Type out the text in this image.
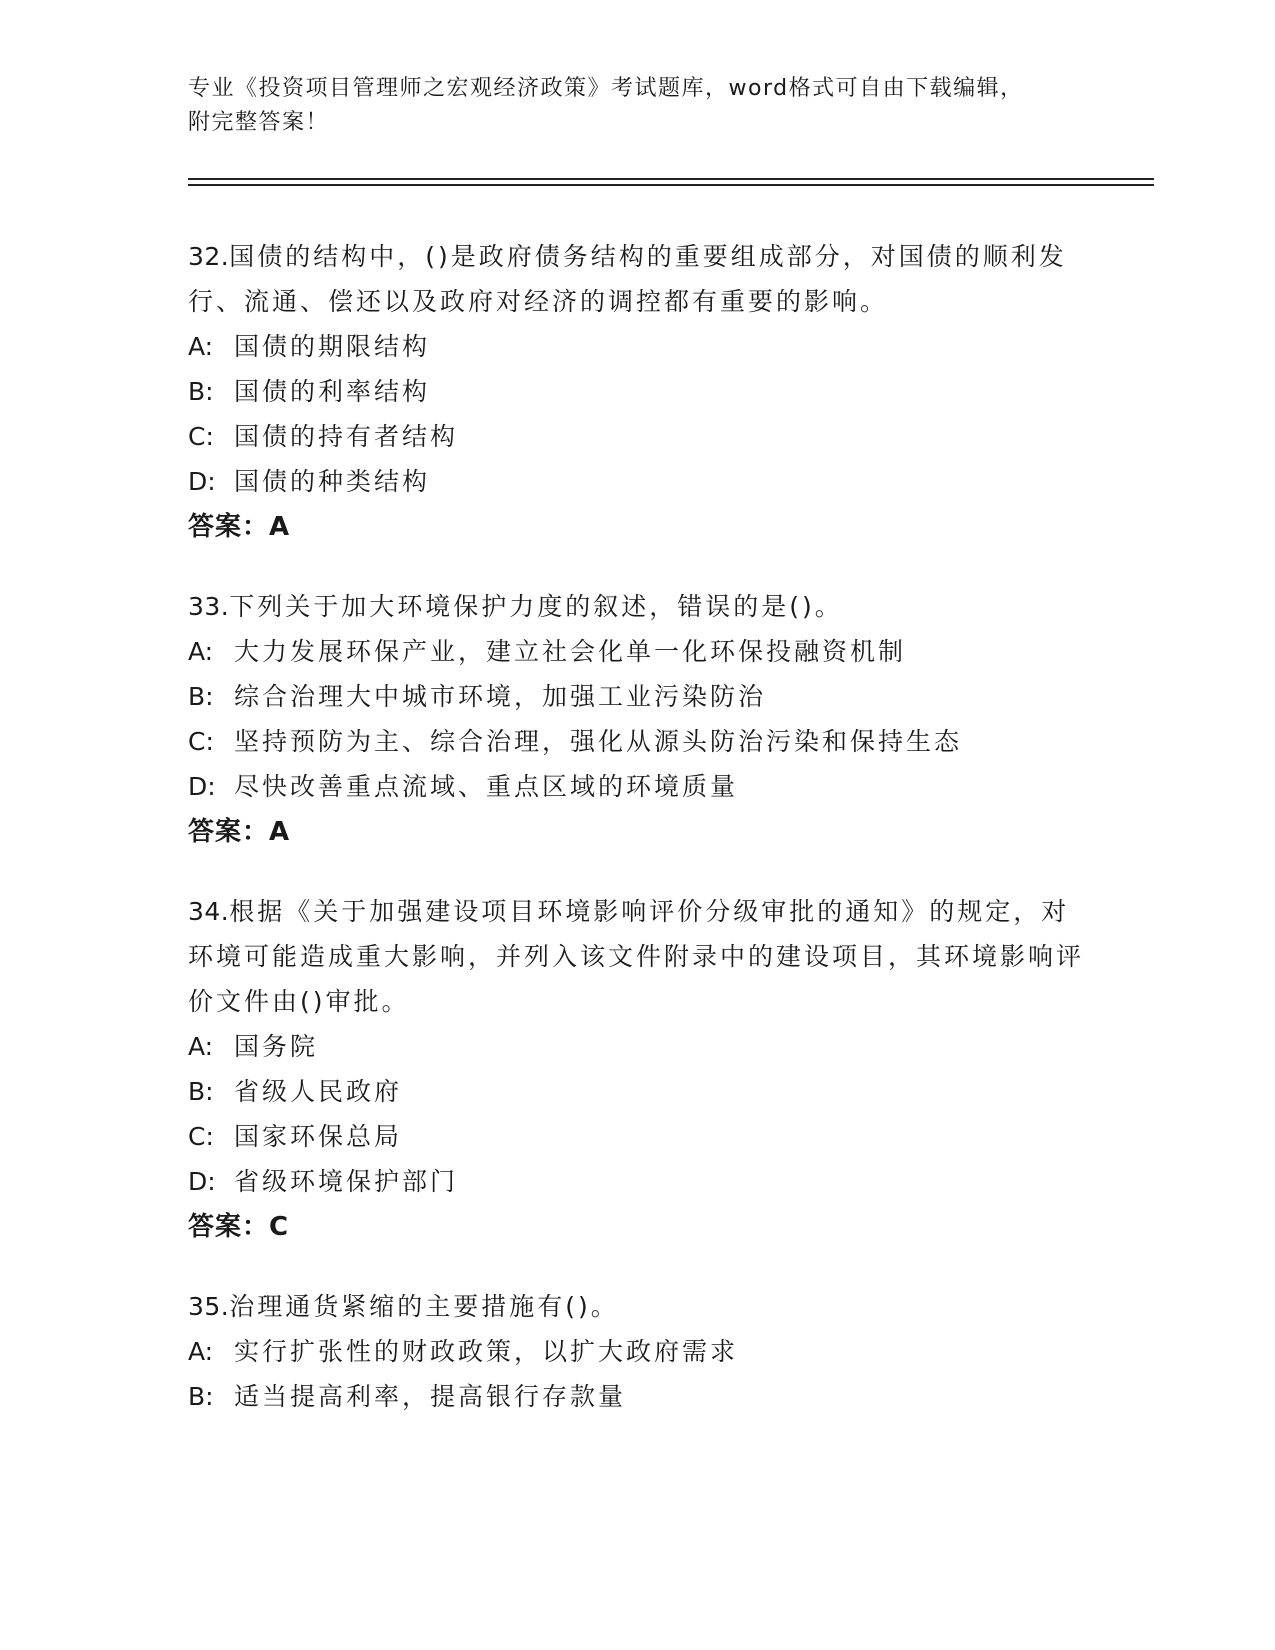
专业《投资项目管理师之宏观经济政策》考试题库，word格式可自由下载编辑，
附完整答案！
32.国债的结构中，()是政府债务结构的重要组成部分，对国债的顺利发行、流通、偿还以及政府对经济的调控都有重要的影响。
A: 国债的期限结构
B: 国债的利率结构
C: 国债的持有者结构
D: 国债的种类结构
答案：A
33.下列关于加大环境保护力度的叙述，错误的是()。
A: 大力发展环保产业，建立社会化单一化环保投融资机制
B: 综合治理大中城市环境，加强工业污染防治
C: 坚持预防为主、综合治理，强化从源头防治污染和保持生态
D: 尽快改善重点流域、重点区域的环境质量
答案：A
34.根据《关于加强建设项目环境影响评价分级审批的通知》的规定，对环境可能造成重大影响，并列入该文件附录中的建设项目，其环境影响评价文件由()审批。
A: 国务院
B: 省级人民政府
C: 国家环保总局
D: 省级环境保护部门
答案：C
35.治理通货紧缩的主要措施有()。
A: 实行扩张性的财政政策，以扩大政府需求
B: 适当提高利率，提高银行存款量
